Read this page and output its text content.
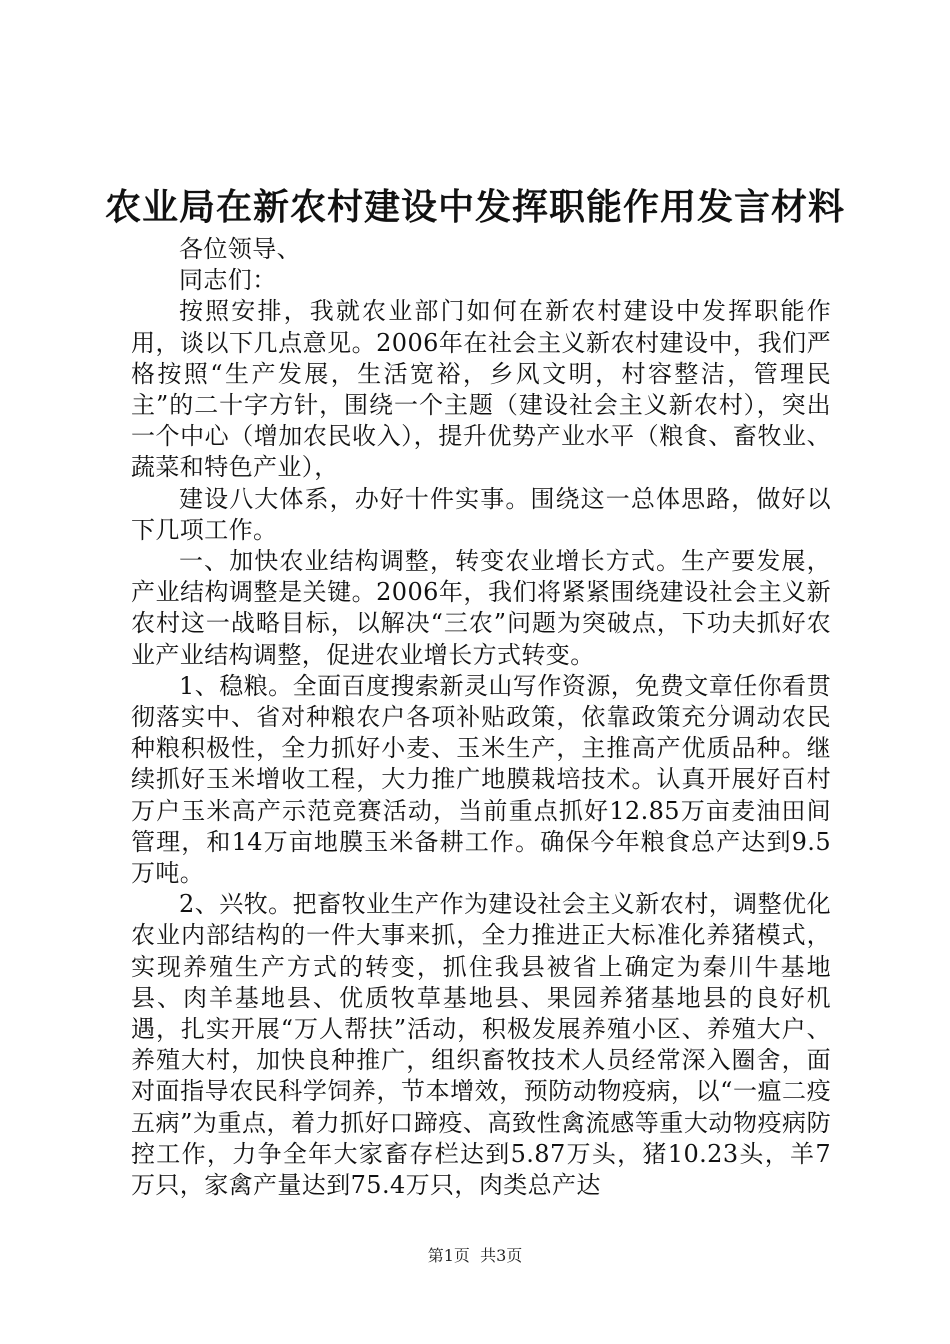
农业局在新农村建设中发挥职能作用发言材料

各位领导、

同志们：

按照安排，我就农业部门如何在新农村建设中发挥职能作用，谈以下几点意见。2006年在社会主义新农村建设中，我们严格按照“生产发展，生活宽裕，乡风文明，村容整洁，管理民主”的二十字方针，围绕一个主题（建设社会主义新农村），突出一个中心（增加农民收入），提升优势产业水平（粮食、畜牧业、蔬菜和特色产业），

建设八大体系，办好十件实事。围绕这一总体思路，做好以下几项工作。

一、加快农业结构调整，转变农业增长方式。生产要发展，产业结构调整是关键。2006年，我们将紧紧围绕建设社会主义新农村这一战略目标，以解决“三农”问题为突破点，下功夫抓好农业产业结构调整，促进农业增长方式转变。

1、稳粮。全面百度搜索新灵山写作资源，免费文章任你看贯彻落实中、省对种粮农户各项补贴政策，依靠政策充分调动农民种粮积极性，全力抓好小麦、玉米生产，主推高产优质品种。继续抓好玉米增收工程，大力推广地膜栽培技术。认真开展好百村万户玉米高产示范竞赛活动，当前重点抓好12.85万亩麦油田间管理，和14万亩地膜玉米备耕工作。确保今年粮食总产达到9.5万吨。

2、兴牧。把畜牧业生产作为建设社会主义新农村，调整优化农业内部结构的一件大事来抓，全力推进正大标准化养猪模式，实现养殖生产方式的转变，抓住我县被省上确定为秦川牛基地县、肉羊基地县、优质牧草基地县、果园养猪基地县的良好机遇，扎实开展“万人帮扶”活动，积极发展养殖小区、养殖大户、养殖大村，加快良种推广，组织畜牧技术人员经常深入圈舍，面对面指导农民科学饲养，节本增效，预防动物疫病，以“一瘟二疫五病”为重点，着力抓好口蹄疫、高致性禽流感等重大动物疫病防控工作，力争全年大家畜存栏达到5.87万头，猪10.23头，羊7万只，家禽产量达到75.4万只，肉类总产达

第1页 共3页
